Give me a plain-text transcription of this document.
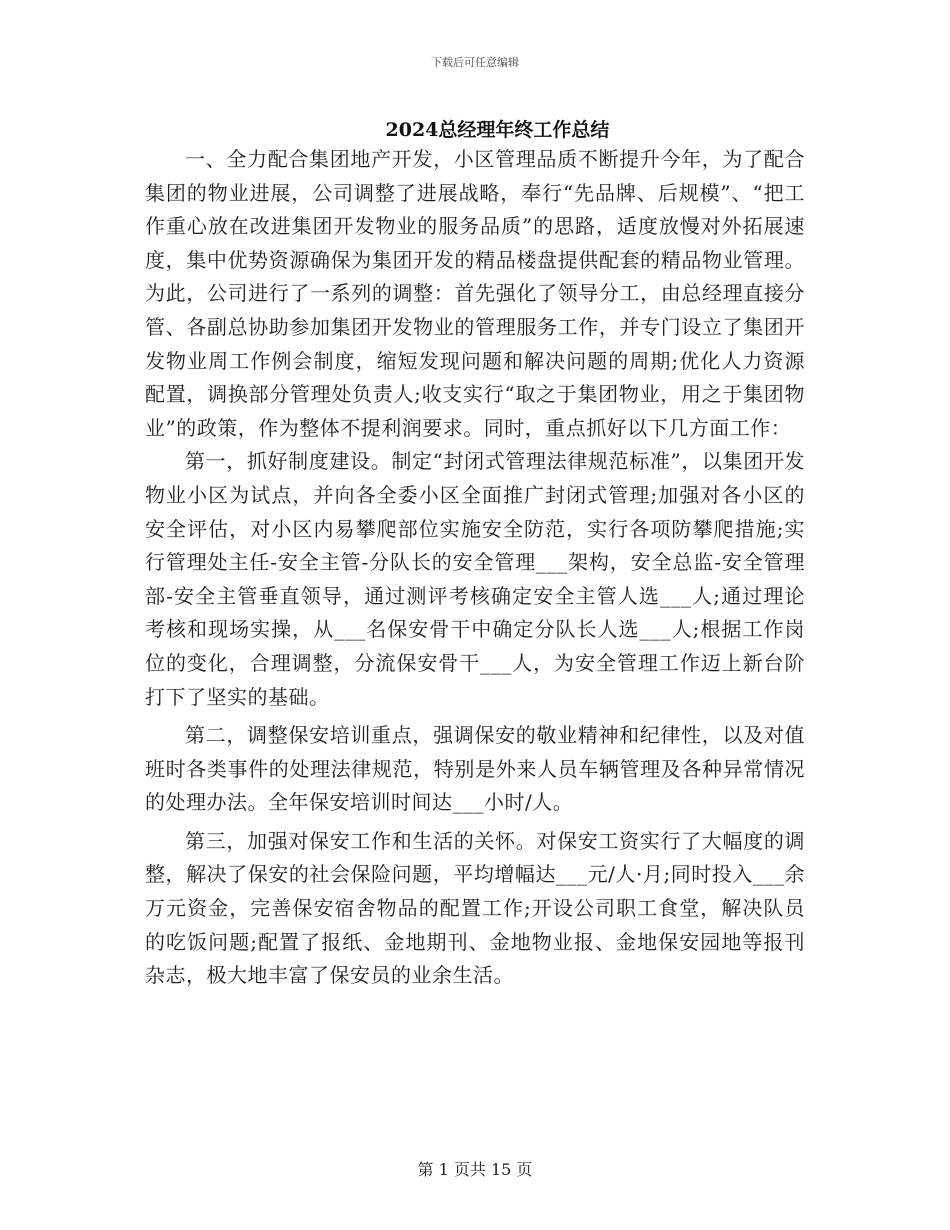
下载后可任意编辑
2024总经理年终工作总结

一、全力配合集团地产开发，小区管理品质不断提升今年，为了配合集团的物业进展，公司调整了进展战略，奉行“先品牌、后规模”、“把工作重心放在改进集团开发物业的服务品质”的思路，适度放慢对外拓展速度，集中优势资源确保为集团开发的精品楼盘提供配套的精品物业管理。为此，公司进行了一系列的调整：首先强化了领导分工，由总经理直接分管、各副总协助参加集团开发物业的管理服务工作，并专门设立了集团开发物业周工作例会制度，缩短发现问题和解决问题的周期;优化人力资源配置，调换部分管理处负责人;收支实行“取之于集团物业，用之于集团物业”的政策，作为整体不提利润要求。同时，重点抓好以下几方面工作：

第一，抓好制度建设。制定“封闭式管理法律规范标准”，以集团开发物业小区为试点，并向各全委小区全面推广封闭式管理;加强对各小区的安全评估，对小区内易攀爬部位实施安全防范，实行各项防攀爬措施;实行管理处主任-安全主管-分队长的安全管理___架构，安全总监-安全管理部-安全主管垂直领导，通过测评考核确定安全主管人选___人;通过理论考核和现场实操，从___名保安骨干中确定分队长人选___人;根据工作岗位的变化，合理调整，分流保安骨干___人，为安全管理工作迈上新台阶打下了坚实的基础。

第二，调整保安培训重点，强调保安的敬业精神和纪律性，以及对值班时各类事件的处理法律规范，特别是外来人员车辆管理及各种异常情况的处理办法。全年保安培训时间达___小时/人。

第三，加强对保安工作和生活的关怀。对保安工资实行了大幅度的调整，解决了保安的社会保险问题，平均增幅达___元/人·月;同时投入___余万元资金，完善保安宿舍物品的配置工作;开设公司职工食堂，解决队员的吃饭问题;配置了报纸、金地期刊、金地物业报、金地保安园地等报刊杂志，极大地丰富了保安员的业余生活。

第 1 页共 15 页
